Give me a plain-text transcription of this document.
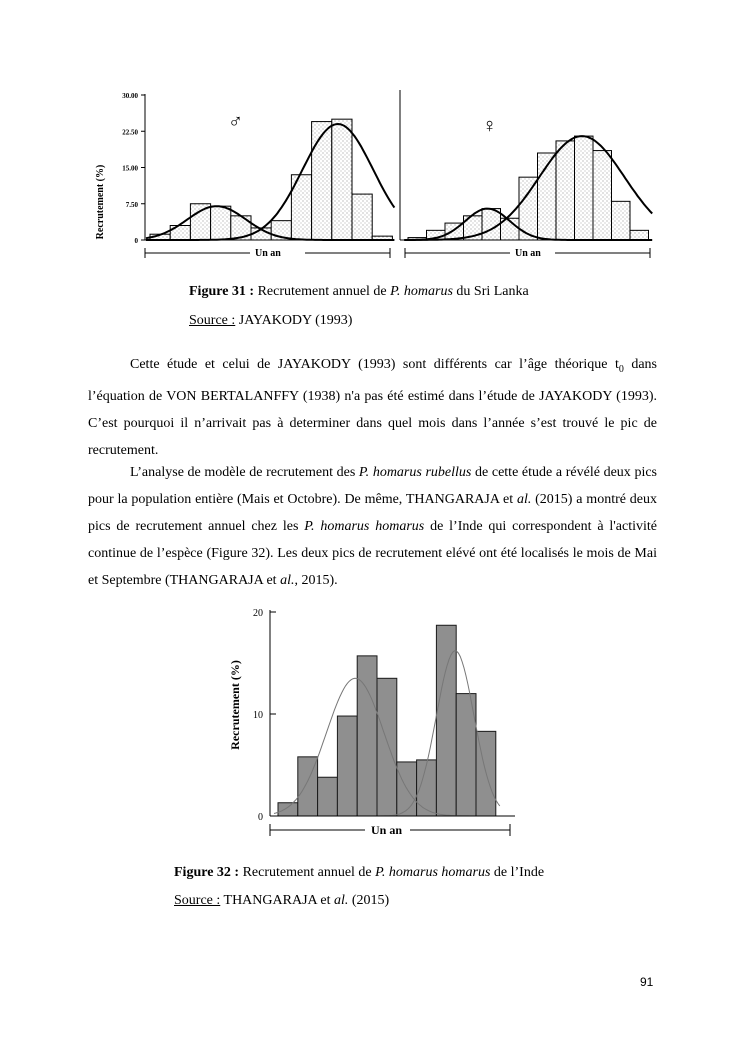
Recrutement (%)
30.00
22.50
15.00
7.50
0
♂
Un an
♀
Un an
Figure 31 : Recrutement annuel de P. homarus du Sri Lanka
Source : JAYAKODY (1993)
Cette étude et celui de JAYAKODY (1993) sont différents car l’âge théorique $t_0$ dans l’équation de VON BERTALANFFY (1938) n'a pas été estimé dans l’étude de JAYAKODY (1993). C’est pourquoi il n’arrivait pas à determiner dans quel mois dans l’année s’est trouvé le pic de recrutement.
L’analyse de modèle de recrutement des P. homarus rubellus de cette étude a révélé deux pics pour la population entière (Mais et Octobre). De même, THANGARAJA et al. (2015) a montré deux pics de recrutement annuel chez les P. homarus homarus de l’Inde qui correspondent à l'activité continue de l’espèce (Figure 32). Les deux pics de recrutement elévé ont été localisés le mois de Mai et Septembre (THANGARAJA et al., 2015).
Recrutement (%)
20
10
0
Un an
Figure 32 : Recrutement annuel de P. homarus homarus de l’Inde
Source : THANGARAJA et al. (2015)
91
